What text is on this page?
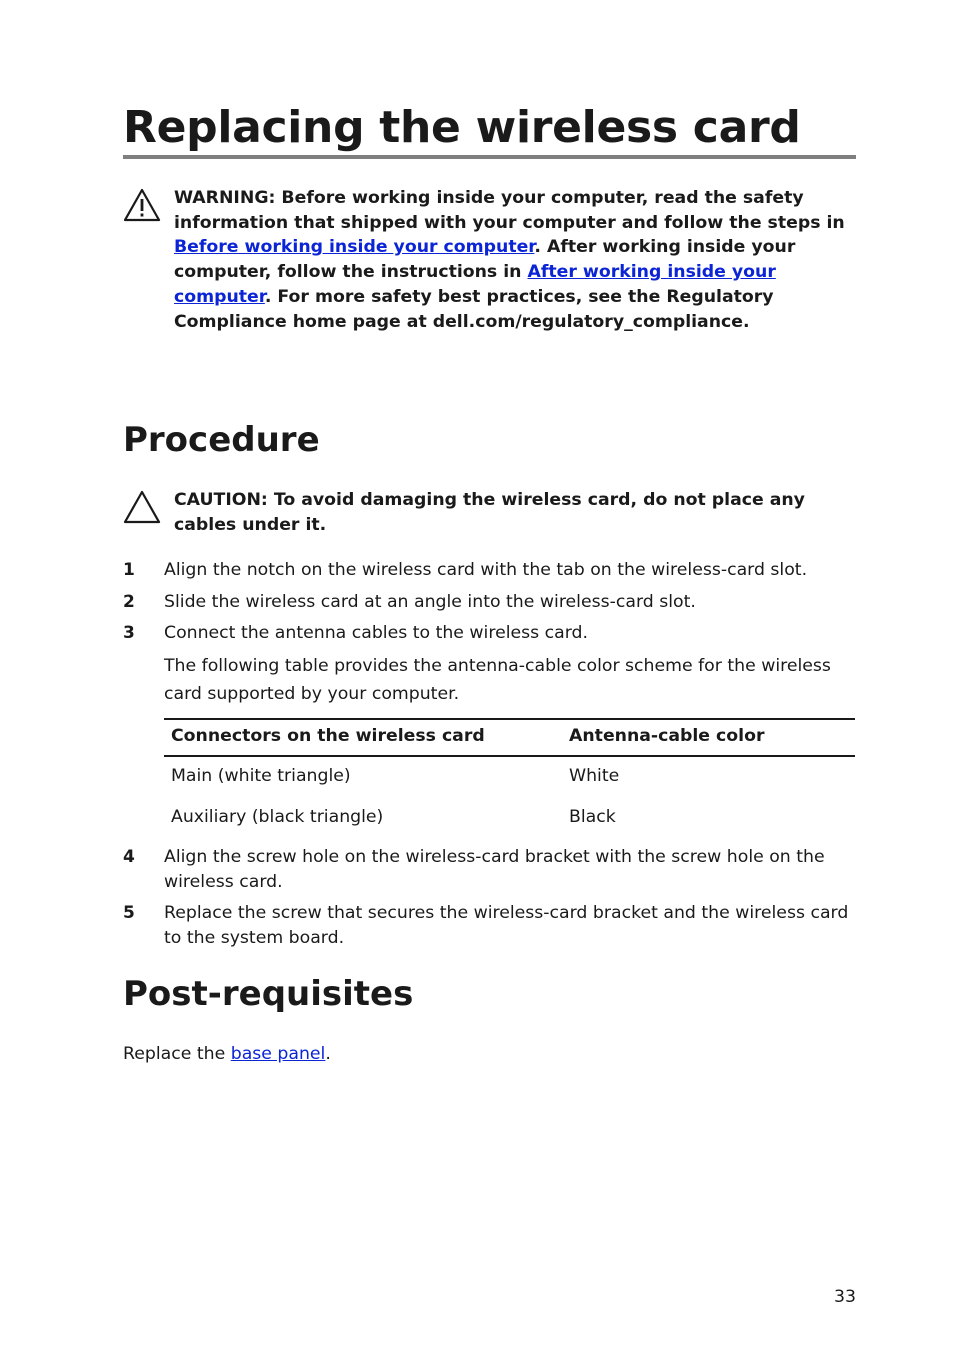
Replacing the wireless card
WARNING: Before working inside your computer, read the safety information that shipped with your computer and follow the steps in Before working inside your computer. After working inside your computer, follow the instructions in After working inside your computer. For more safety best practices, see the Regulatory Compliance home page at dell.com/regulatory_compliance.
Procedure
CAUTION: To avoid damaging the wireless card, do not place any cables under it.
1 Align the notch on the wireless card with the tab on the wireless-card slot.
2 Slide the wireless card at an angle into the wireless-card slot.
3 Connect the antenna cables to the wireless card.
The following table provides the antenna-cable color scheme for the wireless card supported by your computer.
Connectors on the wireless card	Antenna-cable color
Main (white triangle)	White
Auxiliary (black triangle)	Black
4 Align the screw hole on the wireless-card bracket with the screw hole on the wireless card.
5 Replace the screw that secures the wireless-card bracket and the wireless card to the system board.
Post-requisites
Replace the base panel.
33
